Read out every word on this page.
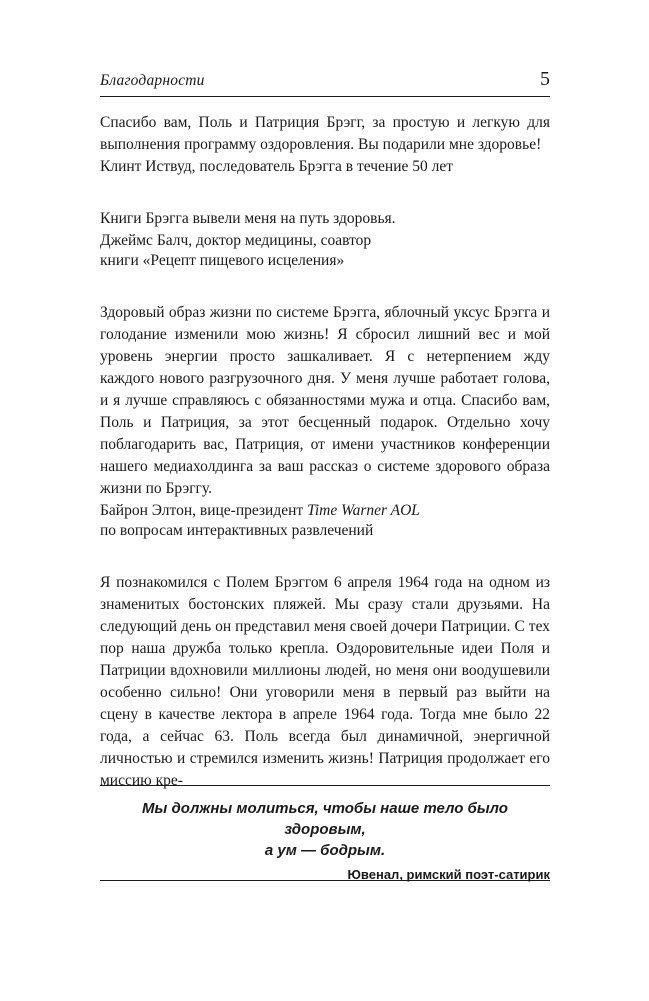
Благодарности	5

Спасибо вам, Поль и Патриция Брэгг, за простую и легкую для выполнения программу оздоровления. Вы подарили мне здоровье!

Клинт Иствуд, последователь Брэгга в течение 50 лет

Книги Брэгга вывели меня на путь здоровья.

Джеймс Балч, доктор медицины, соавтор

книги «Рецепт пищевого исцеления»

Здоровый образ жизни по системе Брэгга, яблочный уксус Брэгга и голодание изменили мою жизнь! Я сбросил лишний вес и мой уровень энергии просто зашкаливает. Я с нетерпением жду каждого нового разгрузочного дня. У меня лучше работает голова, и я лучше справляюсь с обязанностями мужа и отца. Спасибо вам, Поль и Патриция, за этот бесценный подарок. Отдельно хочу поблагодарить вас, Патриция, от имени участников конференции нашего медиахолдинга за ваш рассказ о системе здорового образа жизни по Брэггу.

Байрон Элтон, вице-президент Time Warner AOL

по вопросам интерактивных развлечений

Я познакомился с Полем Брэггом 6 апреля 1964 года на одном из знаменитых бостонских пляжей. Мы сразу стали друзьями. На следующий день он представил меня своей дочери Патриции. С тех пор наша дружба только крепла. Оздоровительные идеи Поля и Патриции вдохновили миллионы людей, но меня они воодушевили особенно сильно! Они уговорили меня в первый раз выйти на сцену в качестве лектора в апреле 1964 года. Тогда мне было 22 года, а сейчас 63. Поль всегда был динамичной, энергичной личностью и стремился изменить жизнь! Патриция продолжает его миссию кре-

Мы должны молиться, чтобы наше тело было здоровым,
а ум — бодрым.

Ювенал, римский поэт-сатирик
